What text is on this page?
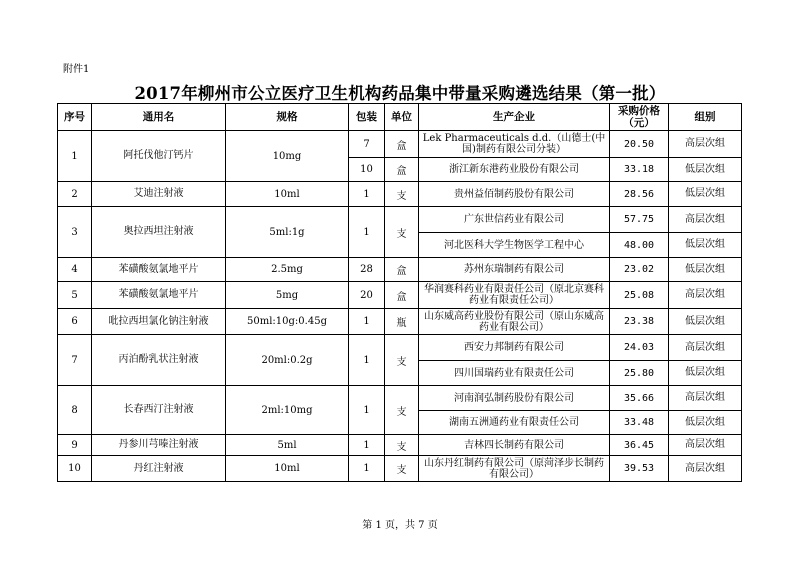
附件1
2017年柳州市公立医疗卫生机构药品集中带量采购遴选结果（第一批）
序号	通用名	规格	包装	单位	生产企业	采购价格（元）	组别
1	阿托伐他汀钙片	10mg	7	盒	Lek Pharmaceuticals d.d.（山德士(中国)制药有限公司分装）	20.50	高层次组
			10	盒	浙江新东港药业股份有限公司	33.18	低层次组
2	艾迪注射液	10ml	1	支	贵州益佰制药股份有限公司	28.56	低层次组
3	奥拉西坦注射液	5ml:1g	1	支	广东世信药业有限公司	57.75	高层次组
					河北医科大学生物医学工程中心	48.00	低层次组
4	苯磺酸氨氯地平片	2.5mg	28	盒	苏州东瑞制药有限公司	23.02	低层次组
5	苯磺酸氨氯地平片	5mg	20	盒	华润赛科药业有限责任公司（原北京赛科药业有限责任公司）	25.08	高层次组
6	吡拉西坦氯化钠注射液	50ml:10g:0.45g	1	瓶	山东威高药业股份有限公司（原山东威高药业有限公司）	23.38	低层次组
7	丙泊酚乳状注射液	20ml:0.2g	1	支	西安力邦制药有限公司	24.03	高层次组
					四川国瑞药业有限责任公司	25.80	低层次组
8	长春西汀注射液	2ml:10mg	1	支	河南润弘制药股份有限公司	35.66	高层次组
					湖南五洲通药业有限责任公司	33.48	低层次组
9	丹参川芎嗪注射液	5ml	1	支	吉林四长制药有限公司	36.45	高层次组
10	丹红注射液	10ml	1	支	山东丹红制药有限公司（原菏泽步长制药有限公司）	39.53	高层次组
第 1 页，共 7 页
